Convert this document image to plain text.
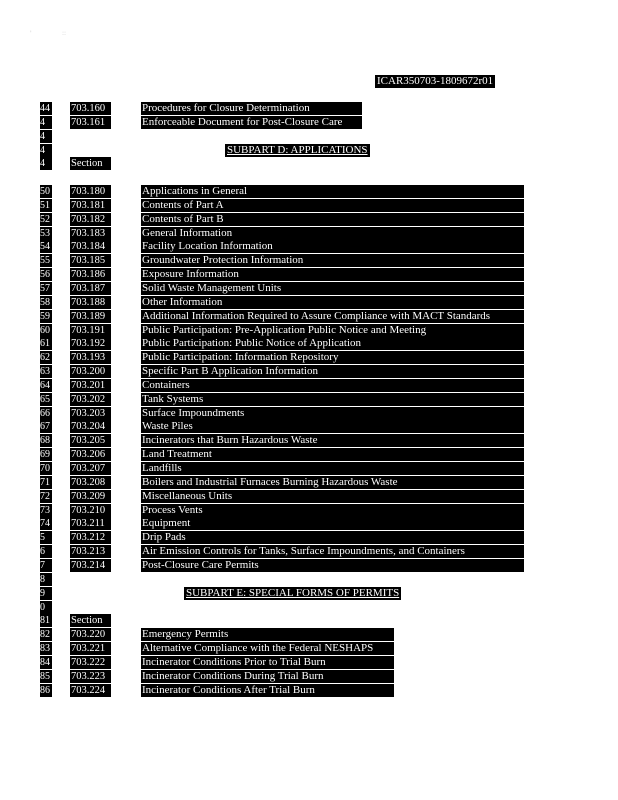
'	::
ICAR350703-1809672r01
44 703.160	Procedures for Closure Determination
4	703.161	Enforceable Document for Post-Closure Care
4
4
4	Section
SUBPART D: APPLICATIONS
50 703.180	Applications in General
51 703.181	Contents of Part A
52 703.182	Contents of Part B
53 703.183	General Information
54 703.184	Facility Location Information
55 703.185	Groundwater Protection Information
56 703.186	Exposure Information
57 703.187	Solid Waste Management Units
58 703.188	Other Information
59 703.189	Additional Information Required to Assure Compliance with MACT Standards
60 703.191	Public Participation: Pre-Application Public Notice and Meeting
61 703.192	Public Participation: Public Notice of Application
62 703.193	Public Participation: Information Repository
63 703.200	Specific Part B Application Information
64 703.201	Containers
65 703.202	Tank Systems
66 703.203	Surface Impoundments
67 703.204	Waste Piles
68 703.205	Incinerators that Burn Hazardous Waste
69 703.206	Land Treatment
70 703.207	Landfills
71 703.208	Boilers and Industrial Furnaces Burning Hazardous Waste
72 703.209	Miscellaneous Units
73 703.210	Process Vents
74 703.211	Equipment
5	703.212	Drip Pads
6	703.213	Air Emission Controls for Tanks, Surface Impoundments, and Containers
7	703.214	Post-Closure Care Permits
8
9	SUBPART E: SPECIAL FORMS OF PERMITS
0
81 Section
82 703.220	Emergency Permits
83 703.221	Alternative Compliance with the Federal NESHAPS
84 703.222	Incinerator Conditions Prior to Trial Burn
85 703.223	Incinerator Conditions During Trial Burn
86 703.224	Incinerator Conditions After Trial Burn
